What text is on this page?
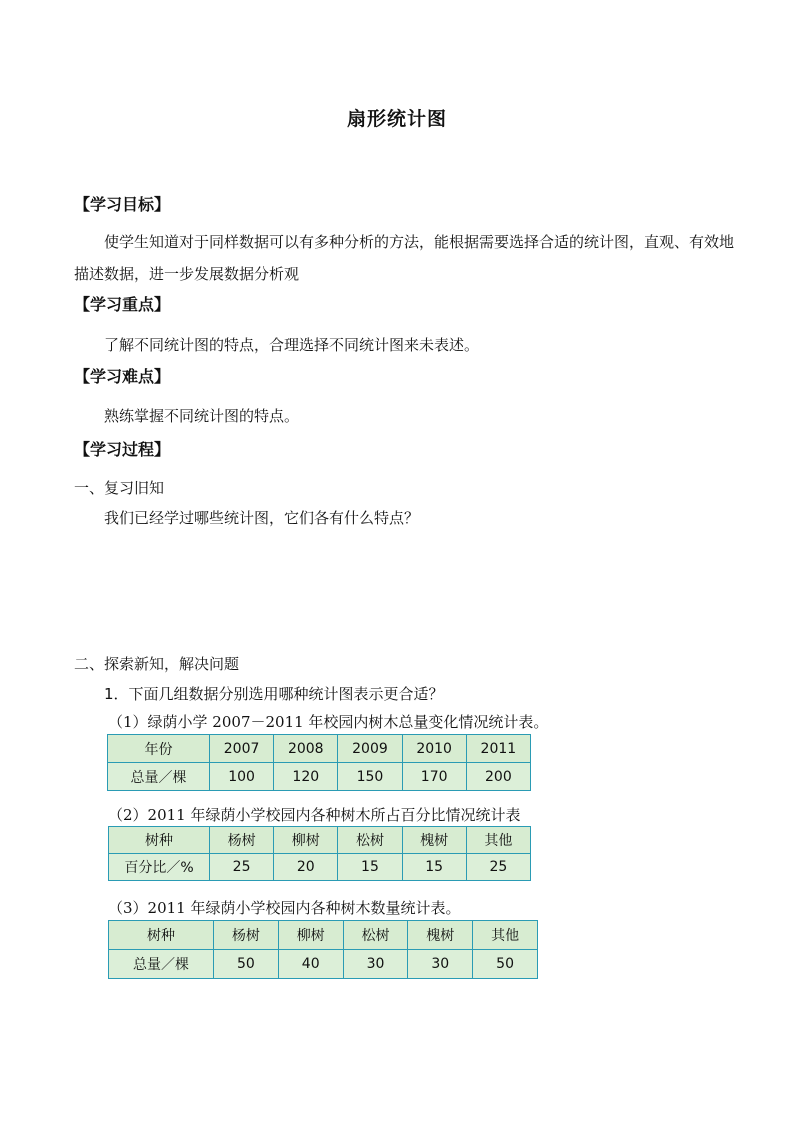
扇形统计图
【学习目标】
使学生知道对于同样数据可以有多种分析的方法，能根据需要选择合适的统计图，直观、有效地描述数据，进一步发展数据分析观
【学习重点】
了解不同统计图的特点，合理选择不同统计图来未表述。
【学习难点】
熟练掌握不同统计图的特点。
【学习过程】
一、复习旧知
我们已经学过哪些统计图，它们各有什么特点？
二、探索新知，解决问题
1．下面几组数据分别选用哪种统计图表示更合适？
（1）绿荫小学 2007－2011 年校园内树木总量变化情况统计表。
年份	2007	2008	2009	2010	2011
总量／棵	100	120	150	170	200
（2）2011 年绿荫小学校园内各种树木所占百分比情况统计表
树种	杨树	柳树	松树	槐树	其他
百分比／%	25	20	15	15	25
（3）2011 年绿荫小学校园内各种树木数量统计表。
树种	杨树	柳树	松树	槐树	其他
总量／棵	50	40	30	30	50
